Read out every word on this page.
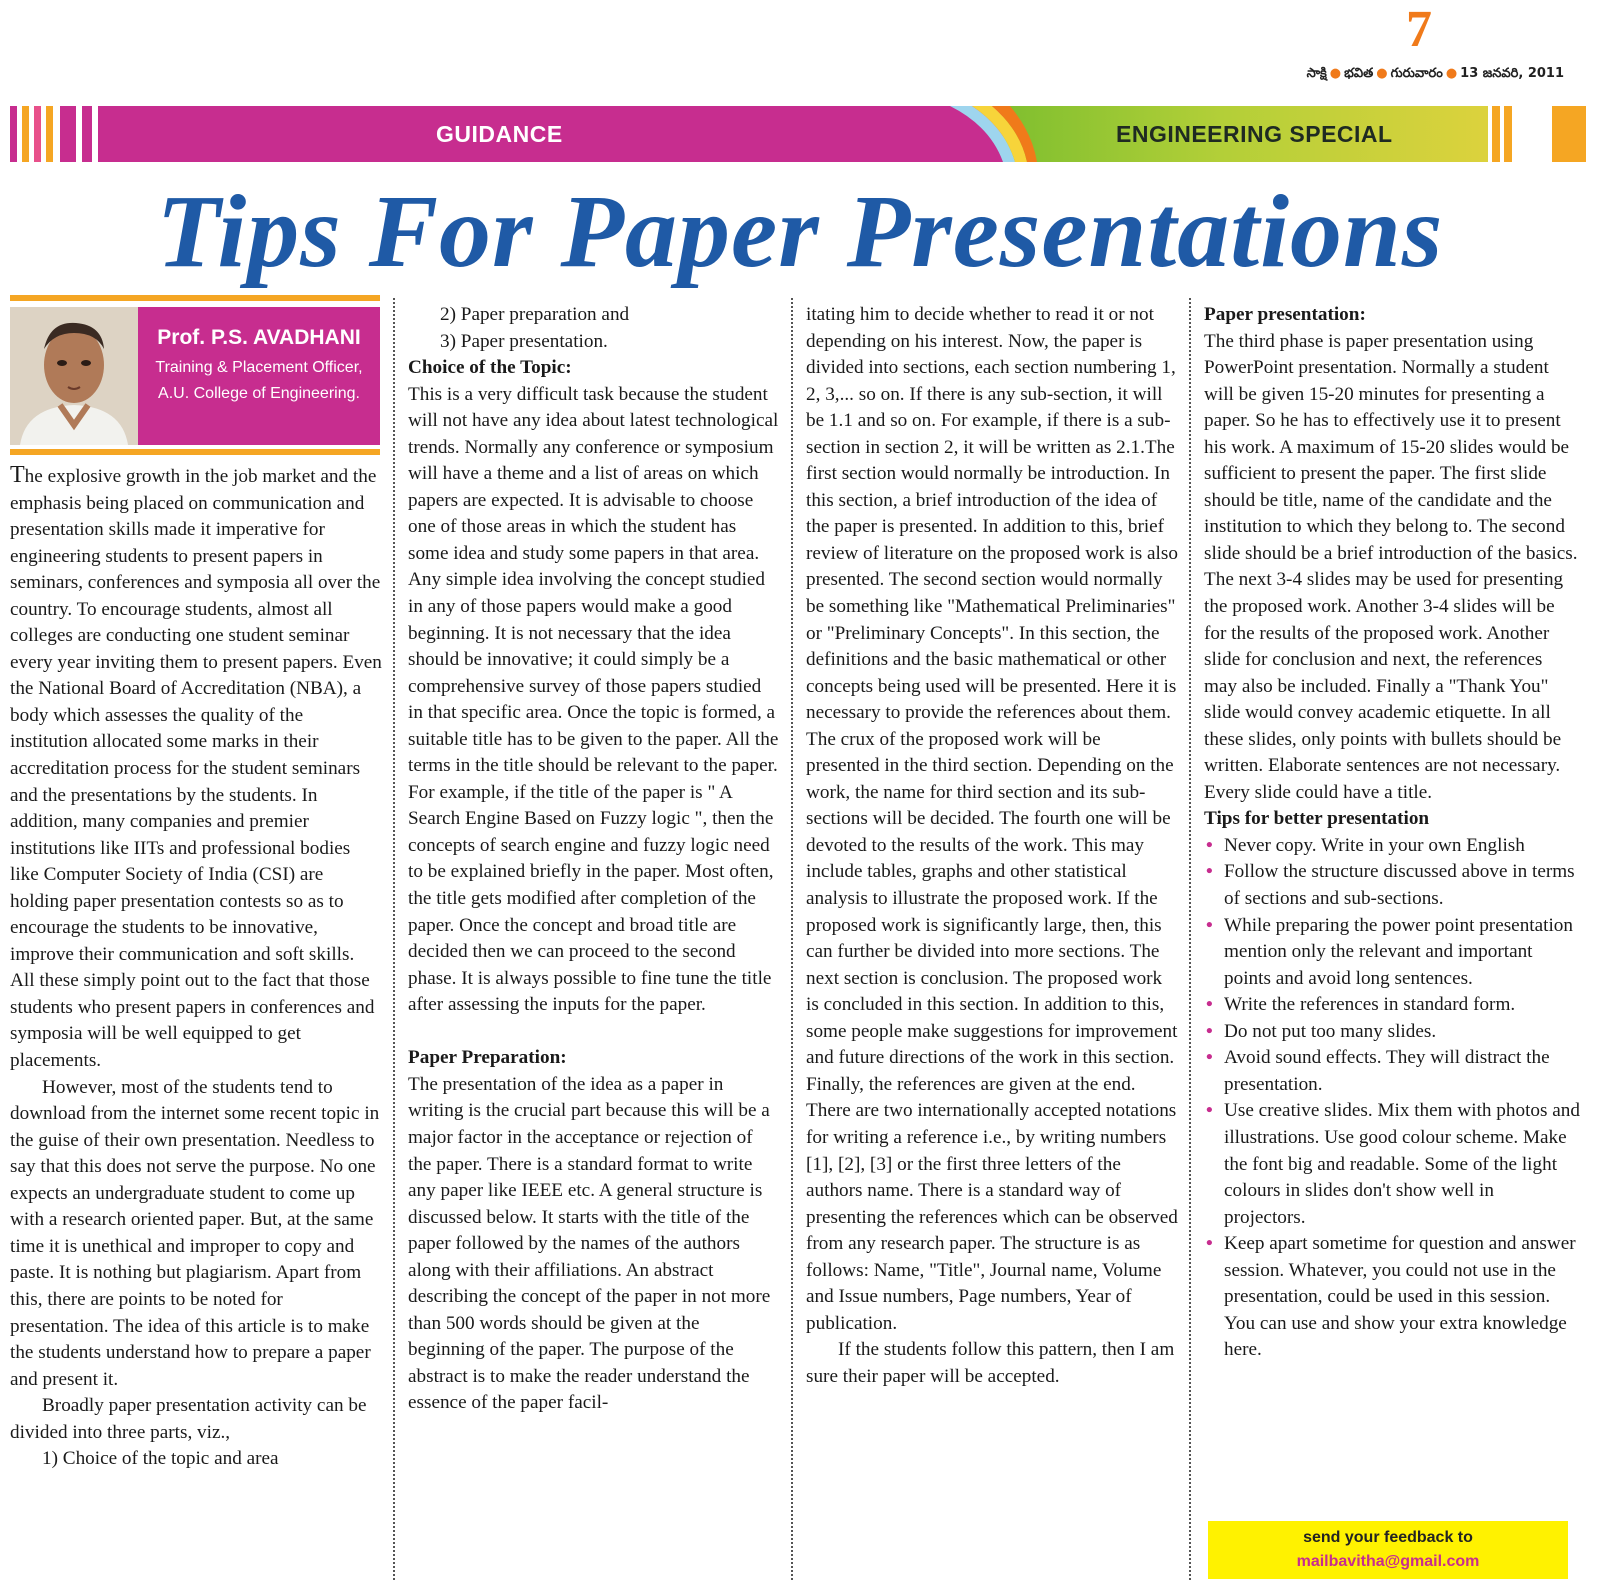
7
సాక్షి ● భవిత ● గురువారం ● 13 జనవరి, 2011
GUIDANCE	ENGINEERING SPECIAL
Tips For Paper Presentations
Prof. P.S. AVADHANI
Training & Placement Officer,
A.U. College of Engineering.

The explosive growth in the job market and the emphasis being placed on communication and presentation skills made it imperative for engineering students to present papers in seminars, conferences and symposia all over the country. To encourage students, almost all colleges are conducting one student seminar every year inviting them to present papers. Even the National Board of Accreditation (NBA), a body which assesses the quality of the institution allocated some marks in their accreditation process for the student seminars and the presentations by the students. In addition, many companies and premier institutions like IITs and professional bodies like Computer Society of India (CSI) are holding paper presentation contests so as to encourage the students to be innovative, improve their communication and soft skills. All these simply point out to the fact that those students who present papers in conferences and symposia will be well equipped to get placements.

However, most of the students tend to download from the internet some recent topic in the guise of their own presentation. Needless to say that this does not serve the purpose. No one expects an undergraduate student to come up with a research oriented paper. But, at the same time it is unethical and improper to copy and paste. It is nothing but plagiarism. Apart from this, there are points to be noted for presentation. The idea of this article is to make the students understand how to prepare a paper and present it.

Broadly paper presentation activity can be divided into three parts, viz.,

1) Choice of the topic and area

2) Paper preparation and

3) Paper presentation.

Choice of the Topic:

This is a very difficult task because the student will not have any idea about latest technological trends. Normally any conference or symposium will have a theme and a list of areas on which papers are expected. It is advisable to choose one of those areas in which the student has some idea and study some papers in that area. Any simple idea involving the concept studied in any of those papers would make a good beginning. It is not necessary that the idea should be innovative; it could simply be a comprehensive survey of those papers studied in that specific area. Once the topic is formed, a suitable title has to be given to the paper. All the terms in the title should be relevant to the paper. For example, if the title of the paper is " A Search Engine Based on Fuzzy logic ", then the concepts of search engine and fuzzy logic need to be explained briefly in the paper. Most often, the title gets modified after completion of the paper. Once the concept and broad title are decided then we can proceed to the second phase. It is always possible to fine tune the title after assessing the inputs for the paper.

Paper Preparation:

The presentation of the idea as a paper in writing is the crucial part because this will be a major factor in the acceptance or rejection of the paper. There is a standard format to write any paper like IEEE etc. A general structure is discussed below. It starts with the title of the paper followed by the names of the authors along with their affiliations. An abstract describing the concept of the paper in not more than 500 words should be given at the beginning of the paper. The purpose of the abstract is to make the reader understand the essence of the paper facil-

itating him to decide whether to read it or not depending on his interest. Now, the paper is divided into sections, each section numbering 1, 2, 3,... so on. If there is any sub-section, it will be 1.1 and so on. For example, if there is a sub-section in section 2, it will be written as 2.1.The first section would normally be introduction. In this section, a brief introduction of the idea of the paper is presented. In addition to this, brief review of literature on the proposed work is also presented. The second section would normally be something like "Mathematical Preliminaries" or "Preliminary Concepts". In this section, the definitions and the basic mathematical or other concepts being used will be presented. Here it is necessary to provide the references about them. The crux of the proposed work will be presented in the third section. Depending on the work, the name for third section and its sub-sections will be decided. The fourth one will be devoted to the results of the work. This may include tables, graphs and other statistical analysis to illustrate the proposed work. If the proposed work is significantly large, then, this can further be divided into more sections. The next section is conclusion. The proposed work is concluded in this section. In addition to this, some people make suggestions for improvement and future directions of the work in this section. Finally, the references are given at the end. There are two internationally accepted notations for writing a reference i.e., by writing numbers [1], [2], [3] or the first three letters of the authors name. There is a standard way of presenting the references which can be observed from any research paper. The structure is as follows: Name, "Title", Journal name, Volume and Issue numbers, Page numbers, Year of publication.

If the students follow this pattern, then I am sure their paper will be accepted.

Paper presentation:

The third phase is paper presentation using PowerPoint presentation. Normally a student will be given 15-20 minutes for presenting a paper. So he has to effectively use it to present his work. A maximum of 15-20 slides would be sufficient to present the paper. The first slide should be title, name of the candidate and the institution to which they belong to. The second slide should be a brief introduction of the basics. The next 3-4 slides may be used for presenting the proposed work. Another 3-4 slides will be for the results of the proposed work. Another slide for conclusion and next, the references may also be included. Finally a "Thank You" slide would convey academic etiquette. In all these slides, only points with bullets should be written. Elaborate sentences are not necessary. Every slide could have a title.

Tips for better presentation

• Never copy. Write in your own English
• Follow the structure discussed above in terms of sections and sub-sections.
• While preparing the power point presentation mention only the relevant and important points and avoid long sentences.
• Write the references in standard form.
• Do not put too many slides.
• Avoid sound effects. They will distract the presentation.
• Use creative slides. Mix them with photos and illustrations. Use good colour scheme. Make the font big and readable. Some of the light colours in slides don't show well in projectors.
• Keep apart sometime for question and answer session. Whatever, you could not use in the presentation, could be used in this session. You can use and show your extra knowledge here.
send your feedback to
mailbavitha@gmail.com
